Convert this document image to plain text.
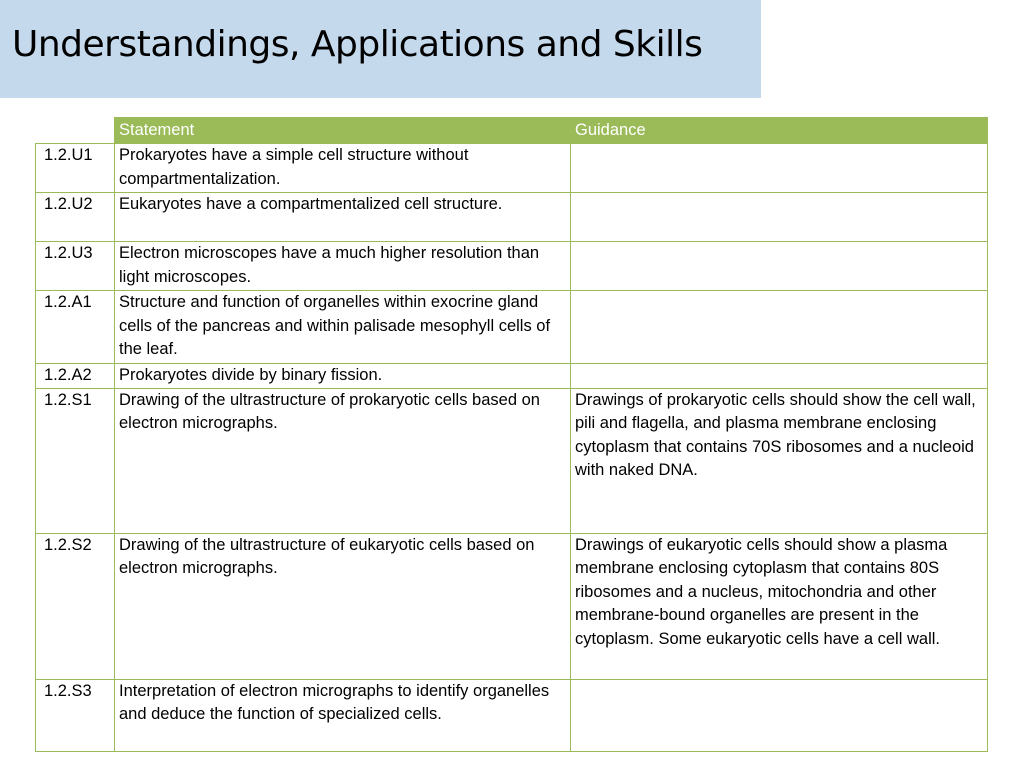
Understandings, Applications and Skills
	Statement	Guidance
1.2.U1	Prokaryotes have a simple cell structure without compartmentalization.	
1.2.U2	Eukaryotes have a compartmentalized cell structure.	
1.2.U3	Electron microscopes have a much higher resolution than light microscopes.	
1.2.A1	Structure and function of organelles within exocrine gland cells of the pancreas and within palisade mesophyll cells of the leaf.	
1.2.A2	Prokaryotes divide by binary fission.	
1.2.S1	Drawing of the ultrastructure of prokaryotic cells based on electron micrographs.	Drawings of prokaryotic cells should show the cell wall, pili and flagella, and plasma membrane enclosing cytoplasm that contains 70S ribosomes and a nucleoid with naked DNA.
1.2.S2	Drawing of the ultrastructure of eukaryotic cells based on electron micrographs.	Drawings of eukaryotic cells should show a plasma membrane enclosing cytoplasm that contains 80S ribosomes and a nucleus, mitochondria and other membrane-bound organelles are present in the cytoplasm. Some eukaryotic cells have a cell wall.
1.2.S3	Interpretation of electron micrographs to identify organelles and deduce the function of specialized cells.	
